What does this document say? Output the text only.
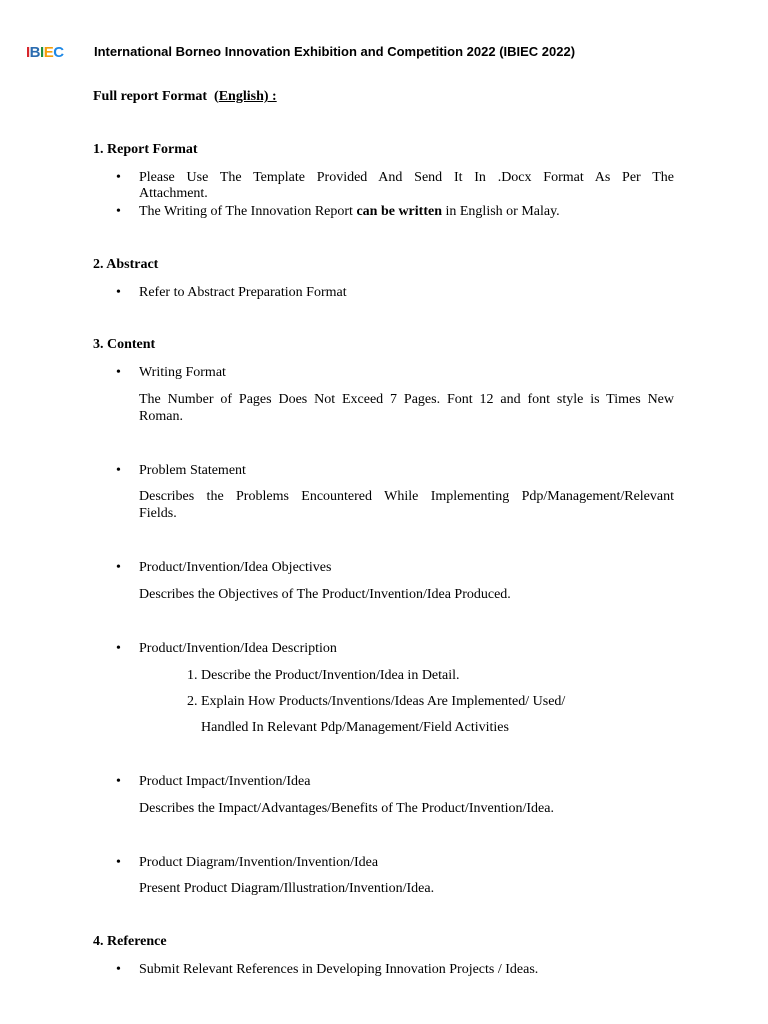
IBIEC International Borneo Innovation Exhibition and Competition 2022 (IBIEC 2022)
Full report Format  (English) :
1. Report Format
• Please Use The Template Provided And Send It In .Docx Format As Per The
Attachment.
• The Writing of The Innovation Report can be written in English or Malay.
2. Abstract
• Refer to Abstract Preparation Format
3. Content
• Writing Format
The Number of Pages Does Not Exceed 7 Pages. Font 12 and font style is Times New
Roman.
• Problem Statement
Describes the Problems Encountered While Implementing Pdp/Management/Relevant
Fields.
• Product/Invention/Idea Objectives
Describes the Objectives of The Product/Invention/Idea Produced.
• Product/Invention/Idea Description
1. Describe the Product/Invention/Idea in Detail.
2. Explain How Products/Inventions/Ideas Are Implemented/ Used/
Handled In Relevant Pdp/Management/Field Activities
• Product Impact/Invention/Idea
Describes the Impact/Advantages/Benefits of The Product/Invention/Idea.
• Product Diagram/Invention/Invention/Idea
Present Product Diagram/Illustration/Invention/Idea.
4. Reference
• Submit Relevant References in Developing Innovation Projects / Ideas.
